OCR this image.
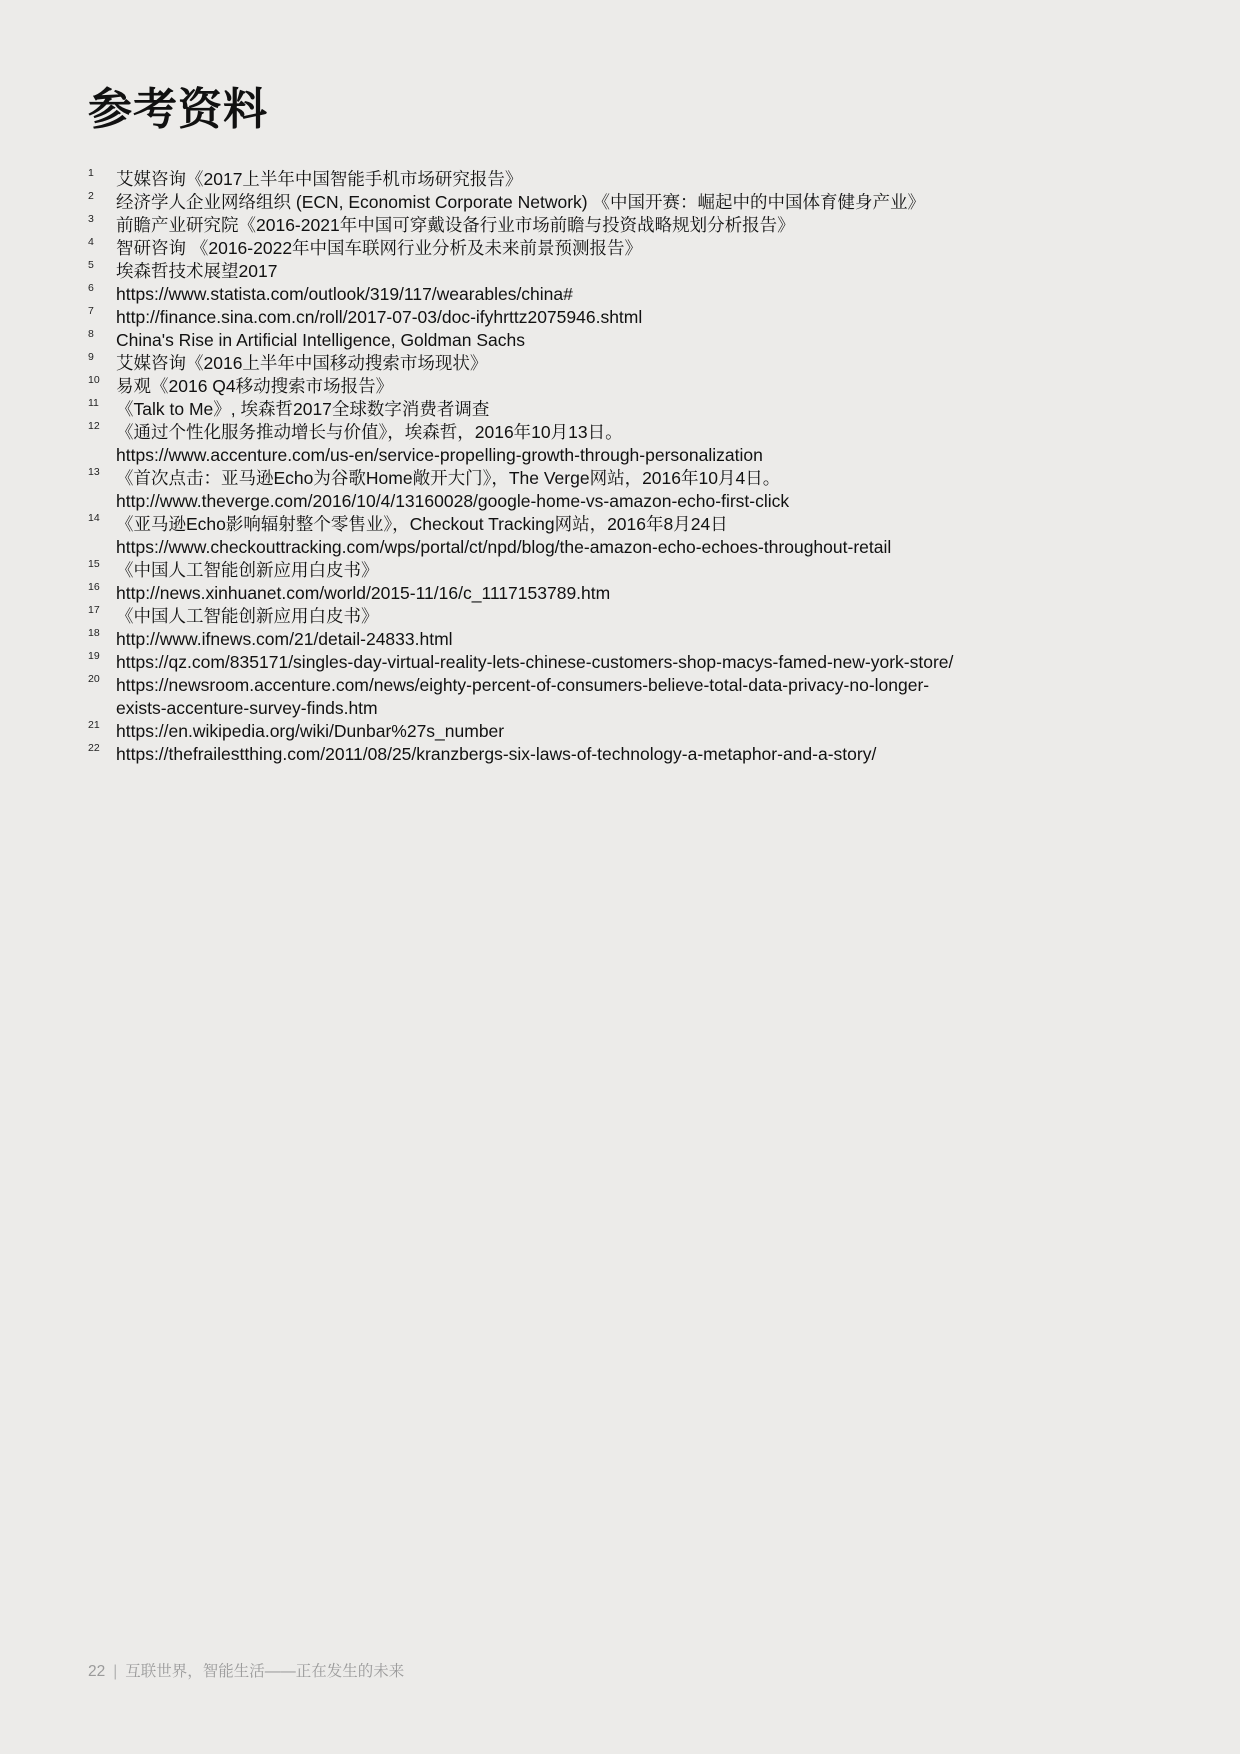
参考资料
1 艾媒咨询《2017上半年中国智能手机市场研究报告》
2 经济学人企业网络组织 (ECN, Economist Corporate Network) 《中国开赛：崛起中的中国体育健身产业》
3 前瞻产业研究院《2016-2021年中国可穿戴设备行业市场前瞻与投资战略规划分析报告》
4 智研咨询 《2016-2022年中国车联网行业分析及未来前景预测报告》
5 埃森哲技术展望2017
6 https://www.statista.com/outlook/319/117/wearables/china#
7 http://finance.sina.com.cn/roll/2017-07-03/doc-ifyhrttz2075946.shtml
8 China's Rise in Artificial Intelligence, Goldman Sachs
9 艾媒咨询《2016上半年中国移动搜索市场现状》
10 易观《2016 Q4移动搜索市场报告》
11 《Talk to Me》, 埃森哲2017全球数字消费者调查
12 《通过个性化服务推动增长与价值》，埃森哲，2016年10月13日。
https://www.accenture.com/us-en/service-propelling-growth-through-personalization
13 《首次点击：亚马逊Echo为谷歌Home敞开大门》，The Verge网站，2016年10月4日。
http://www.theverge.com/2016/10/4/13160028/google-home-vs-amazon-echo-first-click
14 《亚马逊Echo影响辐射整个零售业》，Checkout Tracking网站，2016年8月24日
https://www.checkouttracking.com/wps/portal/ct/npd/blog/the-amazon-echo-echoes-throughout-retail
15 《中国人工智能创新应用白皮书》
16 http://news.xinhuanet.com/world/2015-11/16/c_1117153789.htm
17 《中国人工智能创新应用白皮书》
18 http://www.ifnews.com/21/detail-24833.html
19 https://qz.com/835171/singles-day-virtual-reality-lets-chinese-customers-shop-macys-famed-new-york-store/
20 https://newsroom.accenture.com/news/eighty-percent-of-consumers-believe-total-data-privacy-no-longer-
exists-accenture-survey-finds.htm
21 https://en.wikipedia.org/wiki/Dunbar%27s_number
22 https://thefrailestthing.com/2011/08/25/kranzbergs-six-laws-of-technology-a-metaphor-and-a-story/
22 | 互联世界，智能生活——正在发生的未来
